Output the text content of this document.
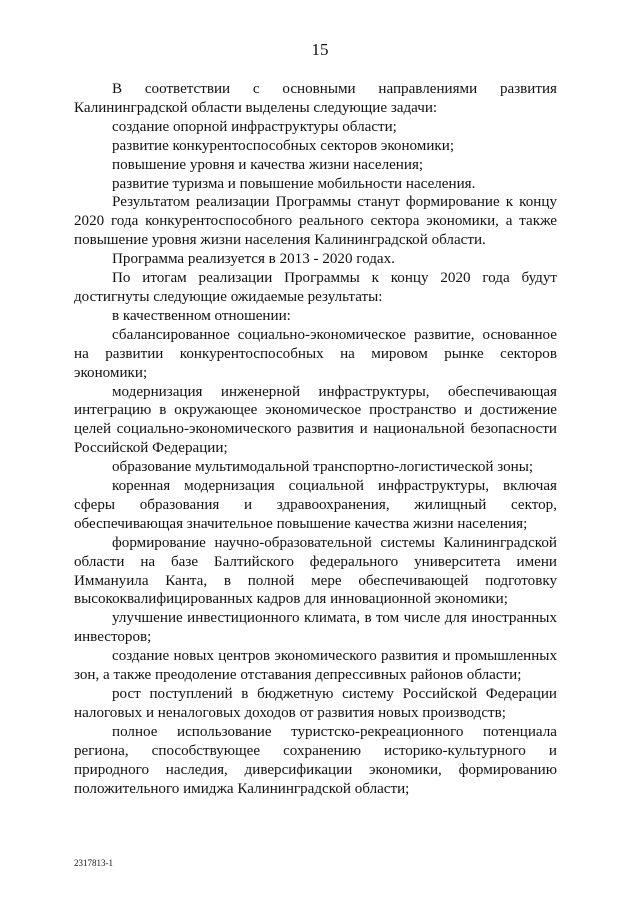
15

В соответствии с основными направлениями развития Калининградской области выделены следующие задачи:

создание опорной инфраструктуры области;

развитие конкурентоспособных секторов экономики;

повышение уровня и качества жизни населения;

развитие туризма и повышение мобильности населения.

Результатом реализации Программы станут формирование к концу 2020 года конкурентоспособного реального сектора экономики, а также повышение уровня жизни населения Калининградской области.

Программа реализуется в 2013 - 2020 годах.

По итогам реализации Программы к концу 2020 года будут достигнуты следующие ожидаемые результаты:

в качественном отношении:

сбалансированное социально-экономическое развитие, основанное на развитии конкурентоспособных на мировом рынке секторов экономики;

модернизация инженерной инфраструктуры, обеспечивающая интеграцию в окружающее экономическое пространство и достижение целей социально-экономического развития и национальной безопасности Российской Федерации;

образование мультимодальной транспортно-логистической зоны;

коренная модернизация социальной инфраструктуры, включая сферы образования и здравоохранения, жилищный сектор, обеспечивающая значительное повышение качества жизни населения;

формирование научно-образовательной системы Калининградской области на базе Балтийского федерального университета имени Иммануила Канта, в полной мере обеспечивающей подготовку высококвалифицированных кадров для инновационной экономики;

улучшение инвестиционного климата, в том числе для иностранных инвесторов;

создание новых центров экономического развития и промышленных зон, а также преодоление отставания депрессивных районов области;

рост поступлений в бюджетную систему Российской Федерации налоговых и неналоговых доходов от развития новых производств;

полное использование туристско-рекреационного потенциала региона, способствующее сохранению историко-культурного и природного наследия, диверсификации экономики, формированию положительного имиджа Калининградской области;

2317813-1
